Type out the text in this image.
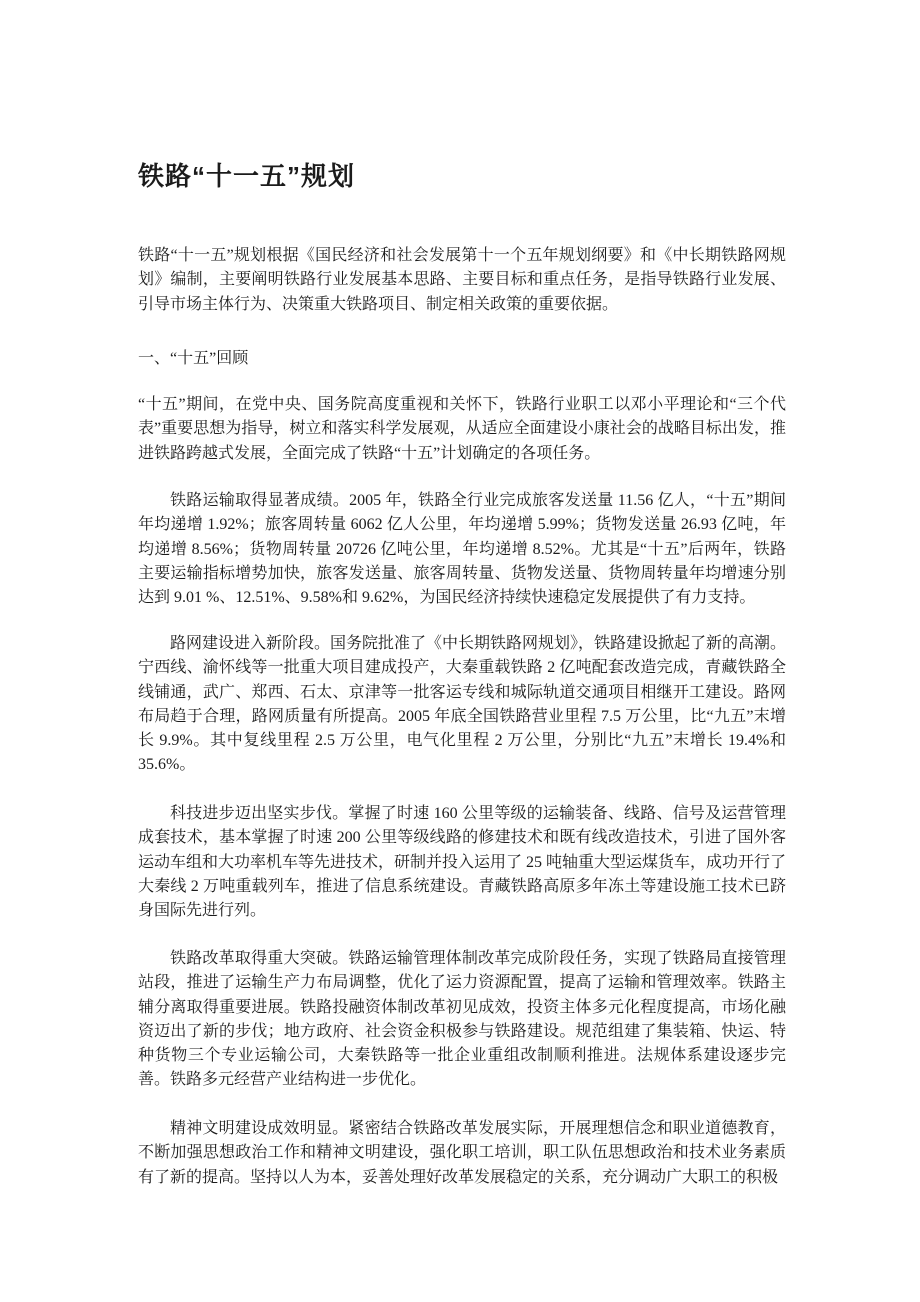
铁路“十一五”规划

铁路“十一五”规划根据《国民经济和社会发展第十一个五年规划纲要》和《中长期铁路网规划》编制，主要阐明铁路行业发展基本思路、主要目标和重点任务，是指导铁路行业发展、引导市场主体行为、决策重大铁路项目、制定相关政策的重要依据。

一、“十五”回顾

“十五”期间，在党中央、国务院高度重视和关怀下，铁路行业职工以邓小平理论和“三个代表”重要思想为指导，树立和落实科学发展观，从适应全面建设小康社会的战略目标出发，推进铁路跨越式发展，全面完成了铁路“十五”计划确定的各项任务。

铁路运输取得显著成绩。2005 年，铁路全行业完成旅客发送量 11.56 亿人，“十五”期间年均递增 1.92%；旅客周转量 6062 亿人公里，年均递增 5.99%；货物发送量 26.93 亿吨，年均递增 8.56%；货物周转量 20726 亿吨公里，年均递增 8.52%。尤其是“十五”后两年，铁路主要运输指标增势加快，旅客发送量、旅客周转量、货物发送量、货物周转量年均增速分别达到 9.01 %、12.51%、9.58%和 9.62%，为国民经济持续快速稳定发展提供了有力支持。

路网建设进入新阶段。国务院批准了《中长期铁路网规划》，铁路建设掀起了新的高潮。宁西线、渝怀线等一批重大项目建成投产，大秦重载铁路 2 亿吨配套改造完成，青藏铁路全线铺通，武广、郑西、石太、京津等一批客运专线和城际轨道交通项目相继开工建设。路网布局趋于合理，路网质量有所提高。2005 年底全国铁路营业里程 7.5 万公里，比“九五”末增长 9.9%。其中复线里程 2.5 万公里，电气化里程 2 万公里，分别比“九五”末增长 19.4%和 35.6%。

科技进步迈出坚实步伐。掌握了时速 160 公里等级的运输装备、线路、信号及运营管理成套技术，基本掌握了时速 200 公里等级线路的修建技术和既有线改造技术，引进了国外客运动车组和大功率机车等先进技术，研制并投入运用了 25 吨轴重大型运煤货车，成功开行了大秦线 2 万吨重载列车，推进了信息系统建设。青藏铁路高原多年冻土等建设施工技术已跻身国际先进行列。

铁路改革取得重大突破。铁路运输管理体制改革完成阶段任务，实现了铁路局直接管理站段，推进了运输生产力布局调整，优化了运力资源配置，提高了运输和管理效率。铁路主辅分离取得重要进展。铁路投融资体制改革初见成效，投资主体多元化程度提高，市场化融资迈出了新的步伐；地方政府、社会资金积极参与铁路建设。规范组建了集装箱、快运、特种货物三个专业运输公司，大秦铁路等一批企业重组改制顺利推进。法规体系建设逐步完善。铁路多元经营产业结构进一步优化。

精神文明建设成效明显。紧密结合铁路改革发展实际，开展理想信念和职业道德教育，不断加强思想政治工作和精神文明建设，强化职工培训，职工队伍思想政治和技术业务素质有了新的提高。坚持以人为本，妥善处理好改革发展稳定的关系，充分调动广大职工的积极
